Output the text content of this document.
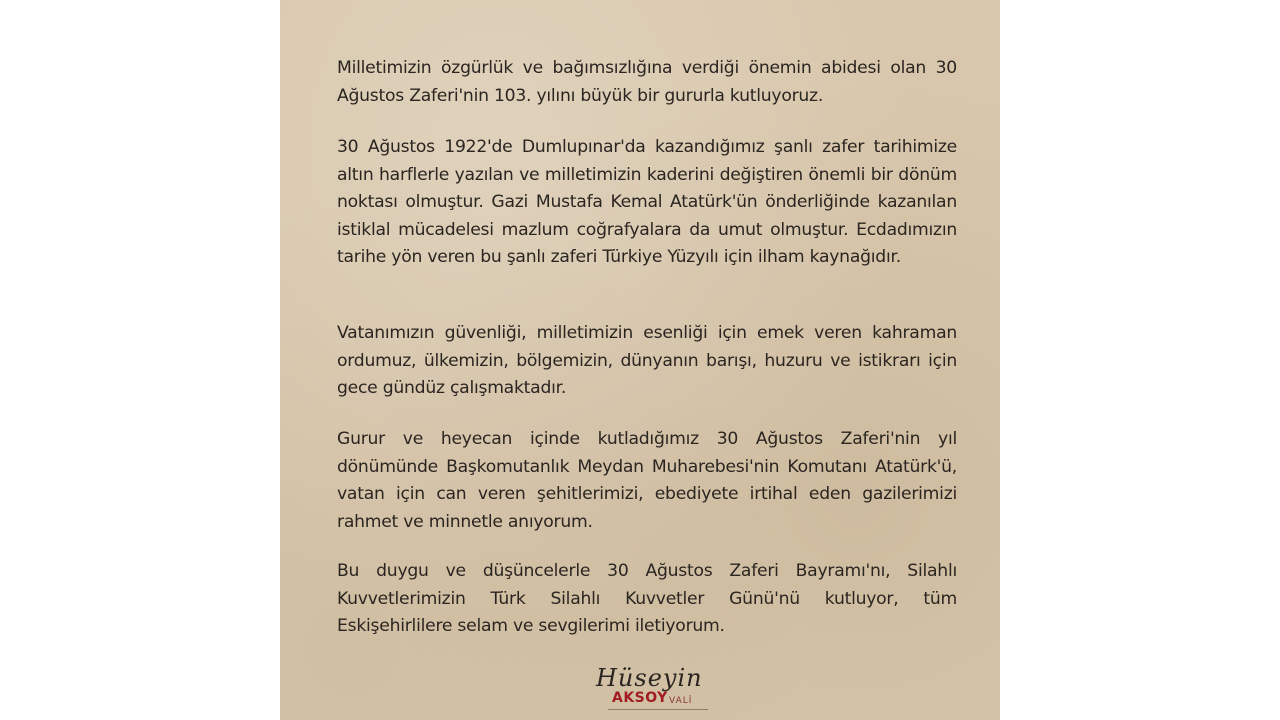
Milletimizin özgürlük ve bağımsızlığına verdiği önemin abidesi olan 30 Ağustos Zaferi'nin 103. yılını büyük bir gururla kutluyoruz.

30 Ağustos 1922'de Dumlupınar'da kazandığımız şanlı zafer tarihimize altın harflerle yazılan ve milletimizin kaderini değiştiren önemli bir dönüm noktası olmuştur. Gazi Mustafa Kemal Atatürk'ün önderliğinde kazanılan istiklal mücadelesi mazlum coğrafyalara da umut olmuştur. Ecdadımızın tarihe yön veren bu şanlı zaferi Türkiye Yüzyılı için ilham kaynağıdır.

Vatanımızın güvenliği, milletimizin esenliği için emek veren kahraman ordumuz, ülkemizin, bölgemizin, dünyanın barışı, huzuru ve istikrarı için gece gündüz çalışmaktadır.

Gurur ve heyecan içinde kutladığımız 30 Ağustos Zaferi'nin yıl dönümünde Başkomutanlık Meydan Muharebesi'nin Komutanı Atatürk'ü, vatan için can veren şehitlerimizi, ebediyete irtihal eden gazilerimizi rahmet ve minnetle anıyorum.

Bu duygu ve düşüncelerle 30 Ağustos Zaferi Bayramı'nı, Silahlı Kuvvetlerimizin Türk Silahlı Kuvvetler Günü'nü kutluyor, tüm Eskişehirlilere selam ve sevgilerimi iletiyorum.

Hüseyin
AKSOY VALİ
